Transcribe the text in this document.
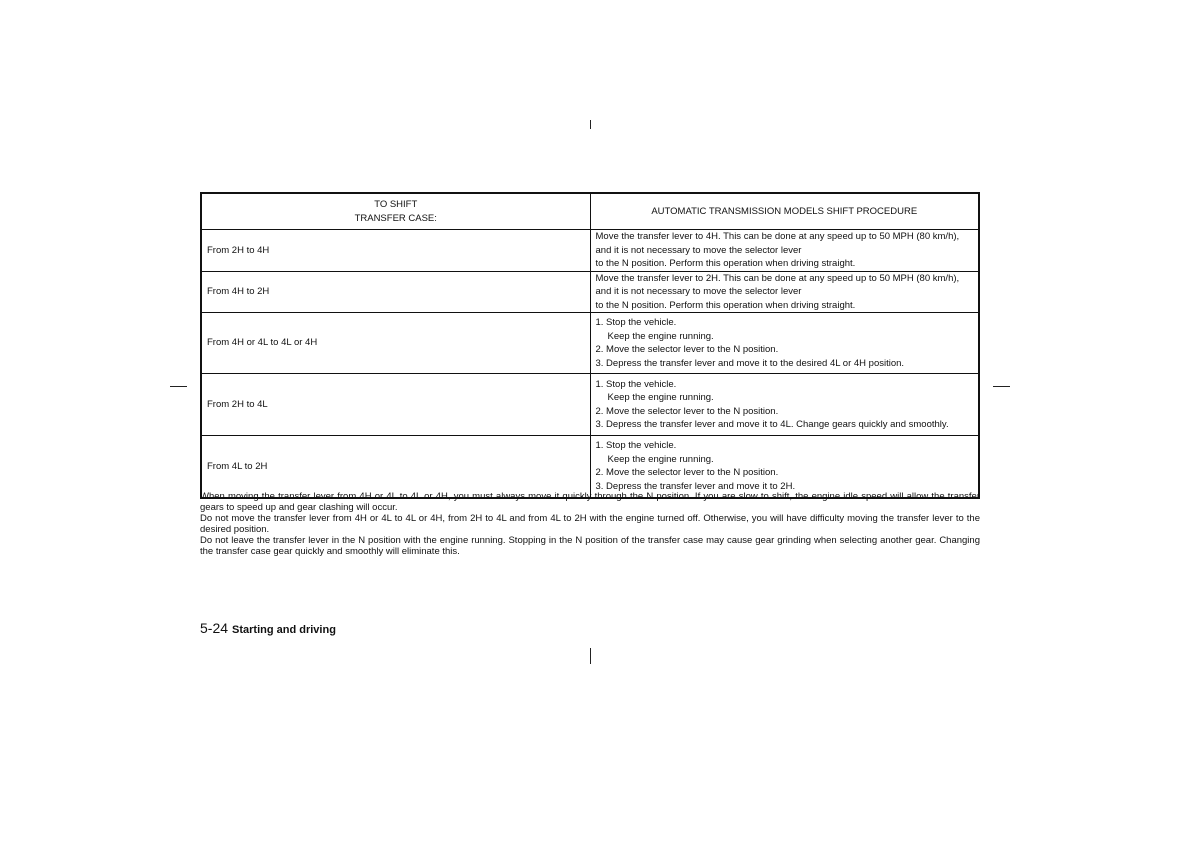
TO SHIFT
TRANSFER CASE:	AUTOMATIC TRANSMISSION MODELS SHIFT PROCEDURE
From 2H to 4H	Move the transfer lever to 4H. This can be done at any speed up to 50 MPH (80 km/h), and it is not necessary to move the selector lever
to the N position. Perform this operation when driving straight.

From 4H to 2H	Move the transfer lever to 2H. This can be done at any speed up to 50 MPH (80 km/h), and it is not necessary to move the selector lever
to the N position. Perform this operation when driving straight.

From 4H or 4L to 4L or 4H	1. Stop the vehicle.
Keep the engine running.
2. Move the selector lever to the N position.
3. Depress the transfer lever and move it to the desired 4L or 4H position.

From 2H to 4L	1. Stop the vehicle.
Keep the engine running.
2. Move the selector lever to the N position.
3. Depress the transfer lever and move it to 4L. Change gears quickly and smoothly.

From 4L to 2H	1. Stop the vehicle.
Keep the engine running.
2. Move the selector lever to the N position.
3. Depress the transfer lever and move it to 2H.

When moving the transfer lever from 4H or 4L to 4L or 4H, you must always move it quickly through the N position. If you are slow to shift, the engine idle speed will allow the transfer gears to speed up and gear clashing will occur.

Do not move the transfer lever from 4H or 4L to 4L or 4H, from 2H to 4L and from 4L to 2H with the engine turned off. Otherwise, you will have difficulty moving the transfer lever to the desired position.

Do not leave the transfer lever in the N position with the engine running. Stopping in the N position of the transfer case may cause gear grinding when selecting another gear. Changing the transfer case gear quickly and smoothly will eliminate this.

5-24 Starting and driving
